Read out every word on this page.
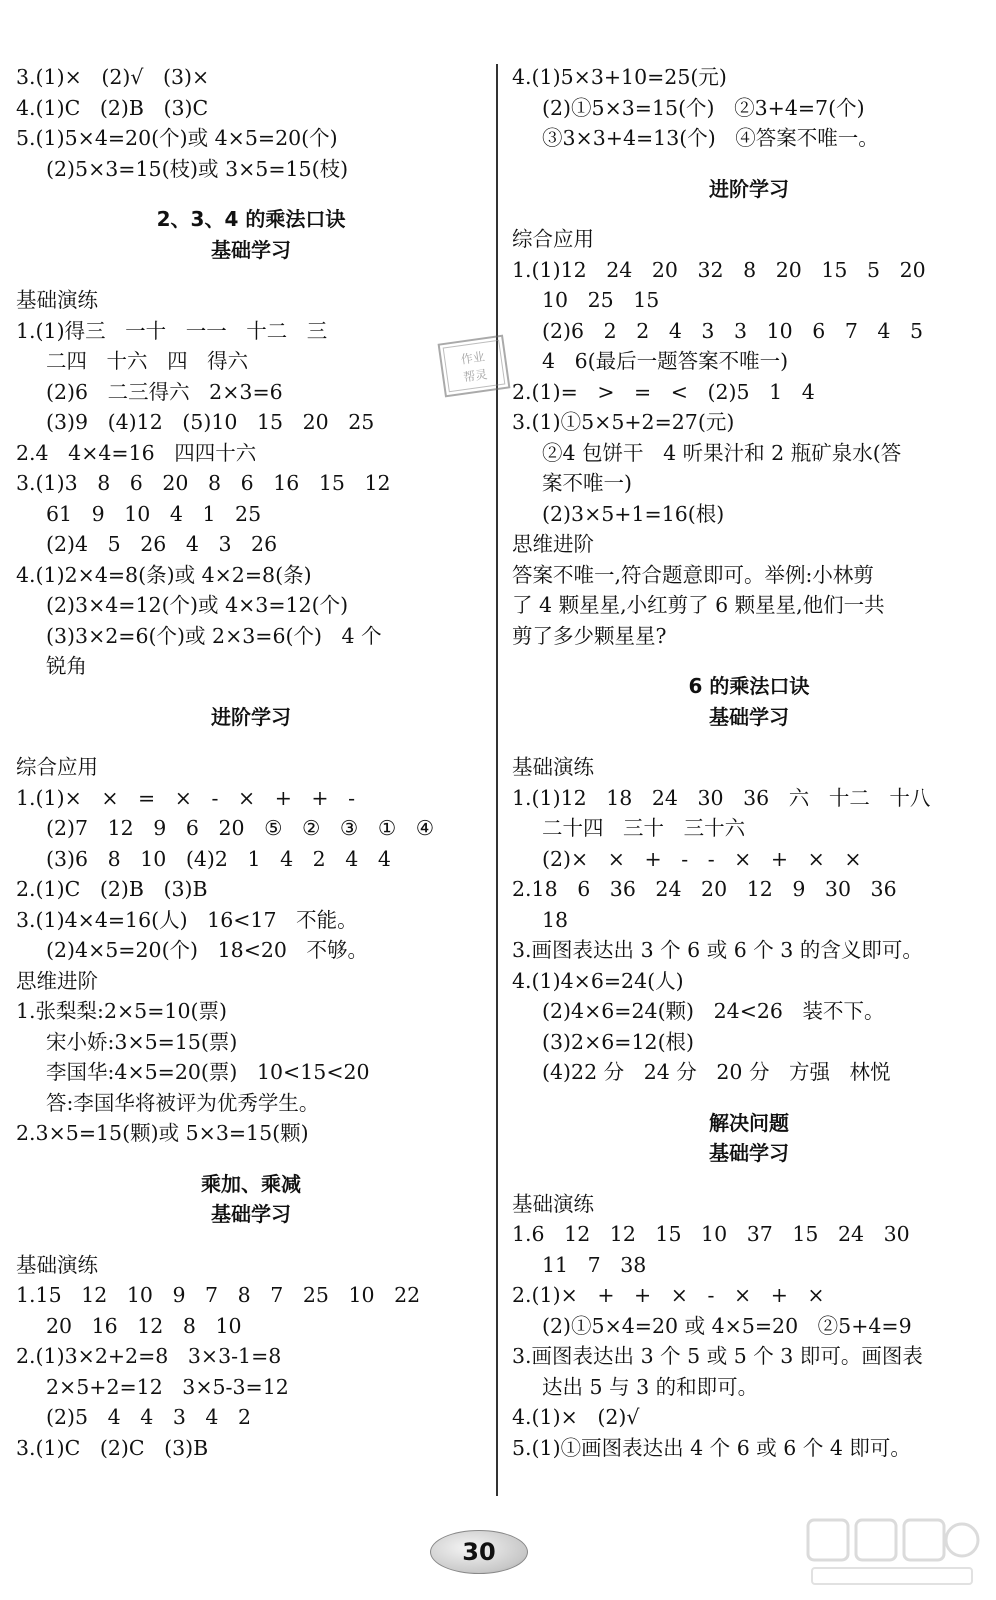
3.(1)×   (2)√   (3)×
4.(1)C   (2)B   (3)C
5.(1)5×4=20(个)或 4×5=20(个)
(2)5×3=15(枝)或 3×5=15(枝)
2、3、4 的乘法口诀
基础学习
基础演练
1.(1)得三   一十   一一   十二   三
二四   十六   四   得六
(2)6   二三得六   2×3=6
(3)9   (4)12   (5)10   15   20   25
2.4   4×4=16   四四十六
3.(1)3   8   6   20   8   6   16   15   12
61   9   10   4   1   25
(2)4   5   26   4   3   26
4.(1)2×4=8(条)或 4×2=8(条)
(2)3×4=12(个)或 4×3=12(个)
(3)3×2=6(个)或 2×3=6(个)   4 个
锐角
进阶学习
综合应用
1.(1)×   ×   =   ×   -   ×   +   +   -
(2)7   12   9   6   20   ⑤   ②   ③   ①   ④
(3)6   8   10   (4)2   1   4   2   4   4
2.(1)C   (2)B   (3)B
3.(1)4×4=16(人)   16<17   不能。
(2)4×5=20(个)   18<20   不够。
思维进阶
1.张梨梨:2×5=10(票)
宋小娇:3×5=15(票)
李国华:4×5=20(票)   10<15<20
答:李国华将被评为优秀学生。
2.3×5=15(颗)或 5×3=15(颗)
乘加、乘减
基础学习
基础演练
1.15   12   10   9   7   8   7   25   10   22
20   16   12   8   10
2.(1)3×2+2=8   3×3-1=8
2×5+2=12   3×5-3=12
(2)5   4   4   3   4   2
3.(1)C   (2)C   (3)B
4.(1)5×3+10=25(元)
(2)①5×3=15(个)   ②3+4=7(个)
③3×3+4=13(个)   ④答案不唯一。
进阶学习
综合应用
1.(1)12   24   20   32   8   20   15   5   20
10   25   15
(2)6   2   2   4   3   3   10   6   7   4   5
4   6(最后一题答案不唯一)
2.(1)=   >   =   <   (2)5   1   4
3.(1)①5×5+2=27(元)
②4 包饼干   4 听果汁和 2 瓶矿泉水(答
案不唯一)
(2)3×5+1=16(根)
思维进阶
答案不唯一,符合题意即可。举例:小林剪
了 4 颗星星,小红剪了 6 颗星星,他们一共
剪了多少颗星星?
6 的乘法口诀
基础学习
基础演练
1.(1)12   18   24   30   36   六   十二   十八
二十四   三十   三十六
(2)×   ×   +   -   -   ×   +   ×   ×
2.18   6   36   24   20   12   9   30   36
18
3.画图表达出 3 个 6 或 6 个 3 的含义即可。
4.(1)4×6=24(人)
(2)4×6=24(颗)   24<26   装不下。
(3)2×6=12(根)
(4)22 分   24 分   20 分   方强   林悦
解决问题
基础学习
基础演练
1.6   12   12   15   10   37   15   24   30
11   7   38
2.(1)×   +   +   ×   -   ×   +   ×
(2)①5×4=20 或 4×5=20   ②5+4=9
3.画图表达出 3 个 5 或 5 个 3 即可。画图表
达出 5 与 3 的和即可。
4.(1)×   (2)√
5.(1)①画图表达出 4 个 6 或 6 个 4 即可。
作业
帮灵
30
